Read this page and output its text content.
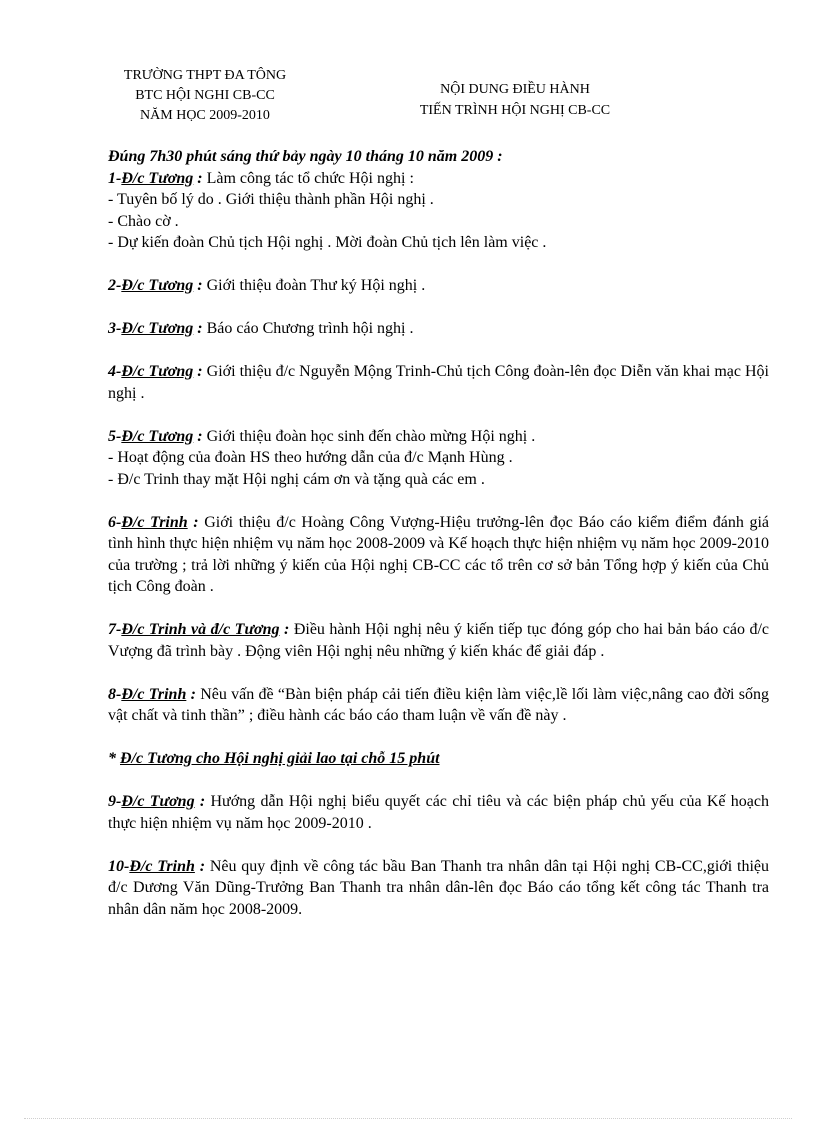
TRƯỜNG THPT ĐA TÔNG
BTC HỘI NGHI CB-CC
NĂM HỌC 2009-2010
NỘI DUNG ĐIỀU HÀNH
TIẾN TRÌNH HỘI NGHỊ CB-CC

Đúng 7h30 phút sáng thứ bảy ngày 10 tháng 10 năm 2009 :

1-Đ/c Tương : Làm công tác tổ chức Hội nghị :

- Tuyên bố lý do . Giới thiệu thành phần Hội nghị .

- Chào cờ .

- Dự kiến đoàn Chủ tịch Hội nghị . Mời đoàn Chủ tịch lên làm việc .

2-Đ/c Tương : Giới thiệu đoàn Thư ký Hội nghị .

3-Đ/c Tương : Báo cáo Chương trình hội nghị .

4-Đ/c Tương : Giới thiệu đ/c Nguyễn Mộng Trinh-Chủ tịch Công đoàn-lên đọc Diễn văn khai mạc Hội nghị .

5-Đ/c Tương : Giới thiệu đoàn học sinh đến chào mừng Hội nghị .

- Hoạt động của đoàn HS theo hướng dẫn của đ/c Mạnh Hùng .

- Đ/c Trinh thay mặt Hội nghị cám ơn và tặng quà các em .

6-Đ/c Trinh : Giới thiệu đ/c Hoàng Công Vượng-Hiệu trưởng-lên đọc Báo cáo kiểm điểm đánh giá tình hình thực hiện nhiệm vụ năm học 2008-2009 và Kế hoạch thực hiện nhiệm vụ năm học 2009-2010 của trường ; trả lời những ý kiến của Hội nghị CB-CC các tổ trên cơ sở bản Tổng hợp ý kiến của Chủ tịch Công đoàn .

7-Đ/c Trinh và đ/c Tương : Điều hành Hội nghị nêu ý kiến tiếp tục đóng góp cho hai bản báo cáo đ/c Vượng đã trình bày . Động viên Hội nghị nêu những ý kiến khác để giải đáp .

8-Đ/c Trinh : Nêu vấn đề “Bàn biện pháp cải tiến điều kiện làm việc,lề lối làm việc,nâng cao đời sống vật chất và tinh thần” ; điều hành các báo cáo tham luận về vấn đề này .

* Đ/c Tương cho Hội nghị giải lao tại chỗ 15 phút

9-Đ/c Tương : Hướng dẫn Hội nghị biểu quyết các chỉ tiêu và các biện pháp chủ yếu của Kế hoạch thực hiện nhiệm vụ năm học 2009-2010 .

10-Đ/c Trinh : Nêu quy định về công tác bầu Ban Thanh tra nhân dân tại Hội nghị CB-CC,giới thiệu đ/c Dương Văn Dũng-Trưởng Ban Thanh tra nhân dân-lên đọc Báo cáo tổng kết công tác Thanh tra nhân dân năm học 2008-2009.
